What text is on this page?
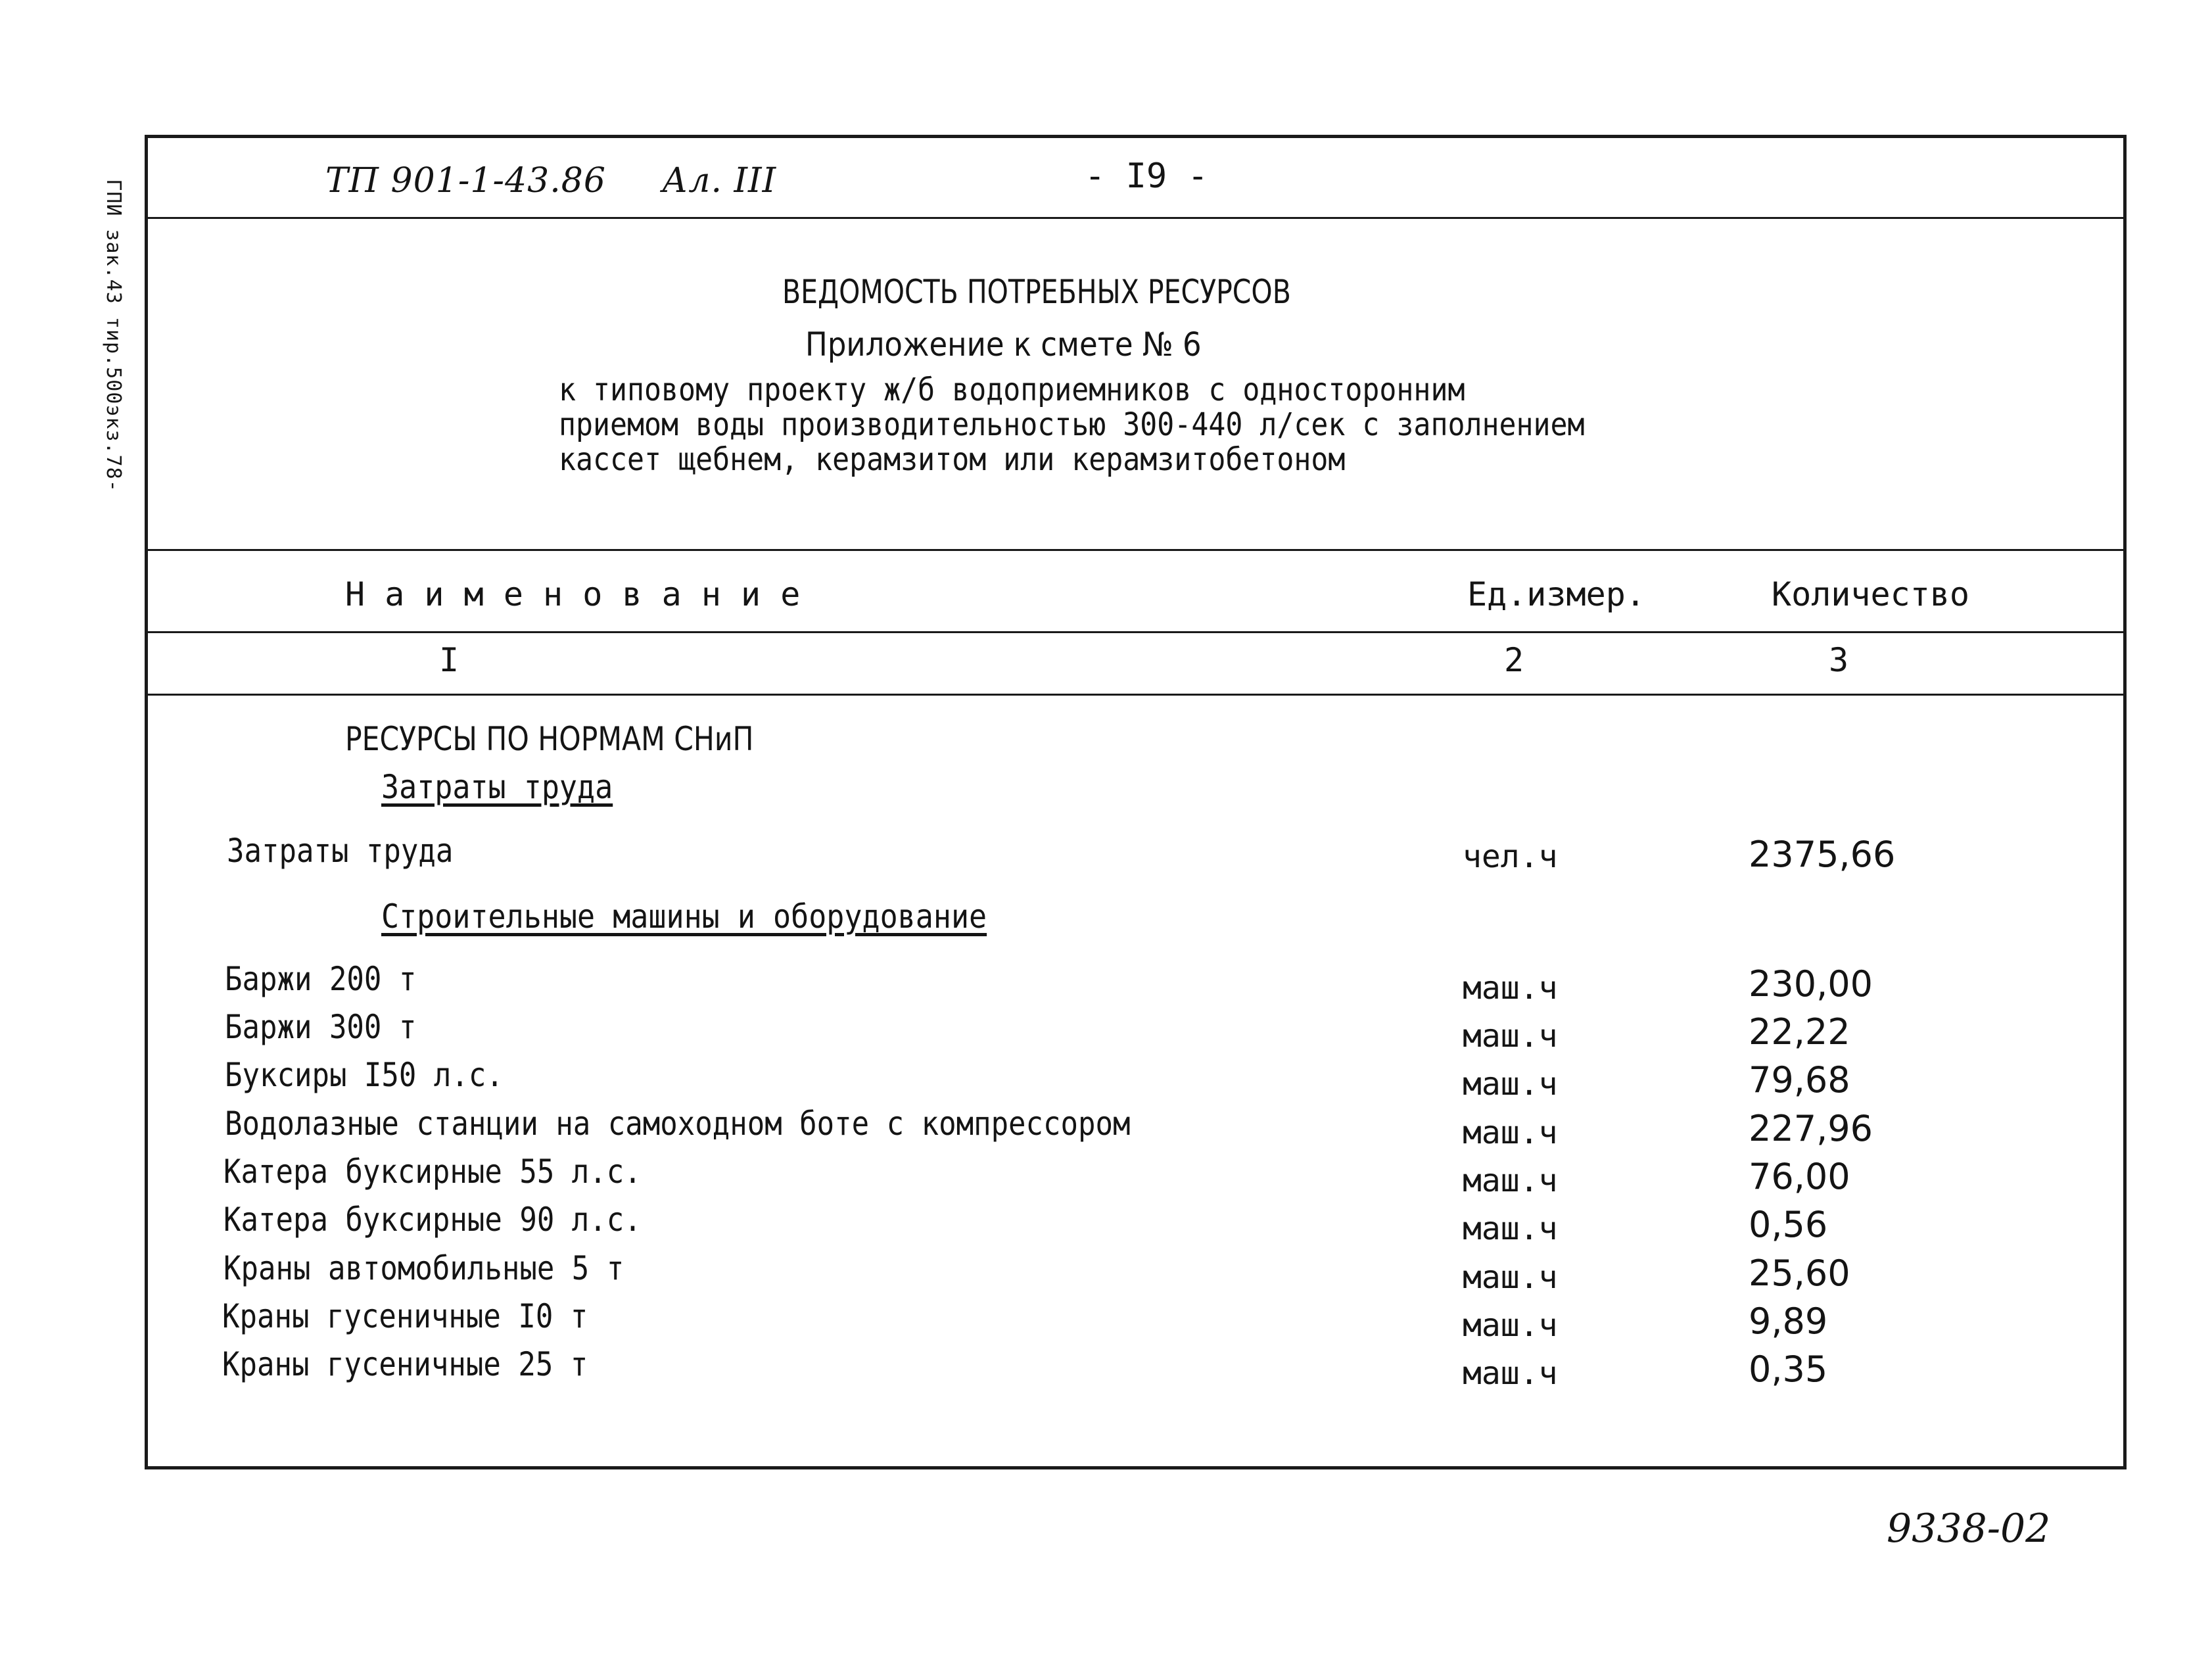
ГПИ зак.43 тир.500экз.78-	ТП 901-1-43.86 Ал. III	- I9 -
ВЕДОМОСТЬ ПОТРЕБНЫХ РЕСУРСОВ
Приложение к смете № 6
к типовому проекту ж/б водоприемников с односторонним
приемом воды производительностью 300-440 л/сек с заполнением
кассет щебнем, керамзитом или керамзитобетоном
Н а и м е н о в а н и е	Ед.измер.	Количество
I	2	3
РЕСУРСЫ ПО НОРМАМ СНиП
Затраты труда
Затраты труда	чел.ч	2375,66
Строительные машины и оборудование
Баржи 200 т	маш.ч	230,00
Баржи 300 т	маш.ч	22,22
Буксиры I50 л.с.	маш.ч	79,68
Водолазные станции на самоходном боте с компрессором	маш.ч	227,96
Катера буксирные 55 л.с.	маш.ч	76,00
Катера буксирные 90 л.с.	маш.ч	0,56
Краны автомобильные 5 т	маш.ч	25,60
Краны гусеничные I0 т	маш.ч	9,89
Краны гусеничные 25 т	маш.ч	0,35
9338-02
